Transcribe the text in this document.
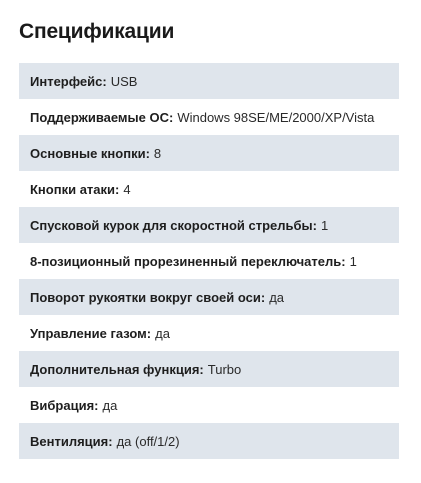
Спецификации
Интерфейс: USB
Поддерживаемые ОС: Windows 98SE/ME/2000/XP/Vista
Основные кнопки: 8
Кнопки атаки: 4
Спусковой курок для скоростной стрельбы: 1
8-позиционный прорезиненный переключатель: 1
Поворот рукоятки вокруг своей оси: да
Управление газом: да
Дополнительная функция: Turbo
Вибрация: да
Вентиляция: да (off/1/2)
